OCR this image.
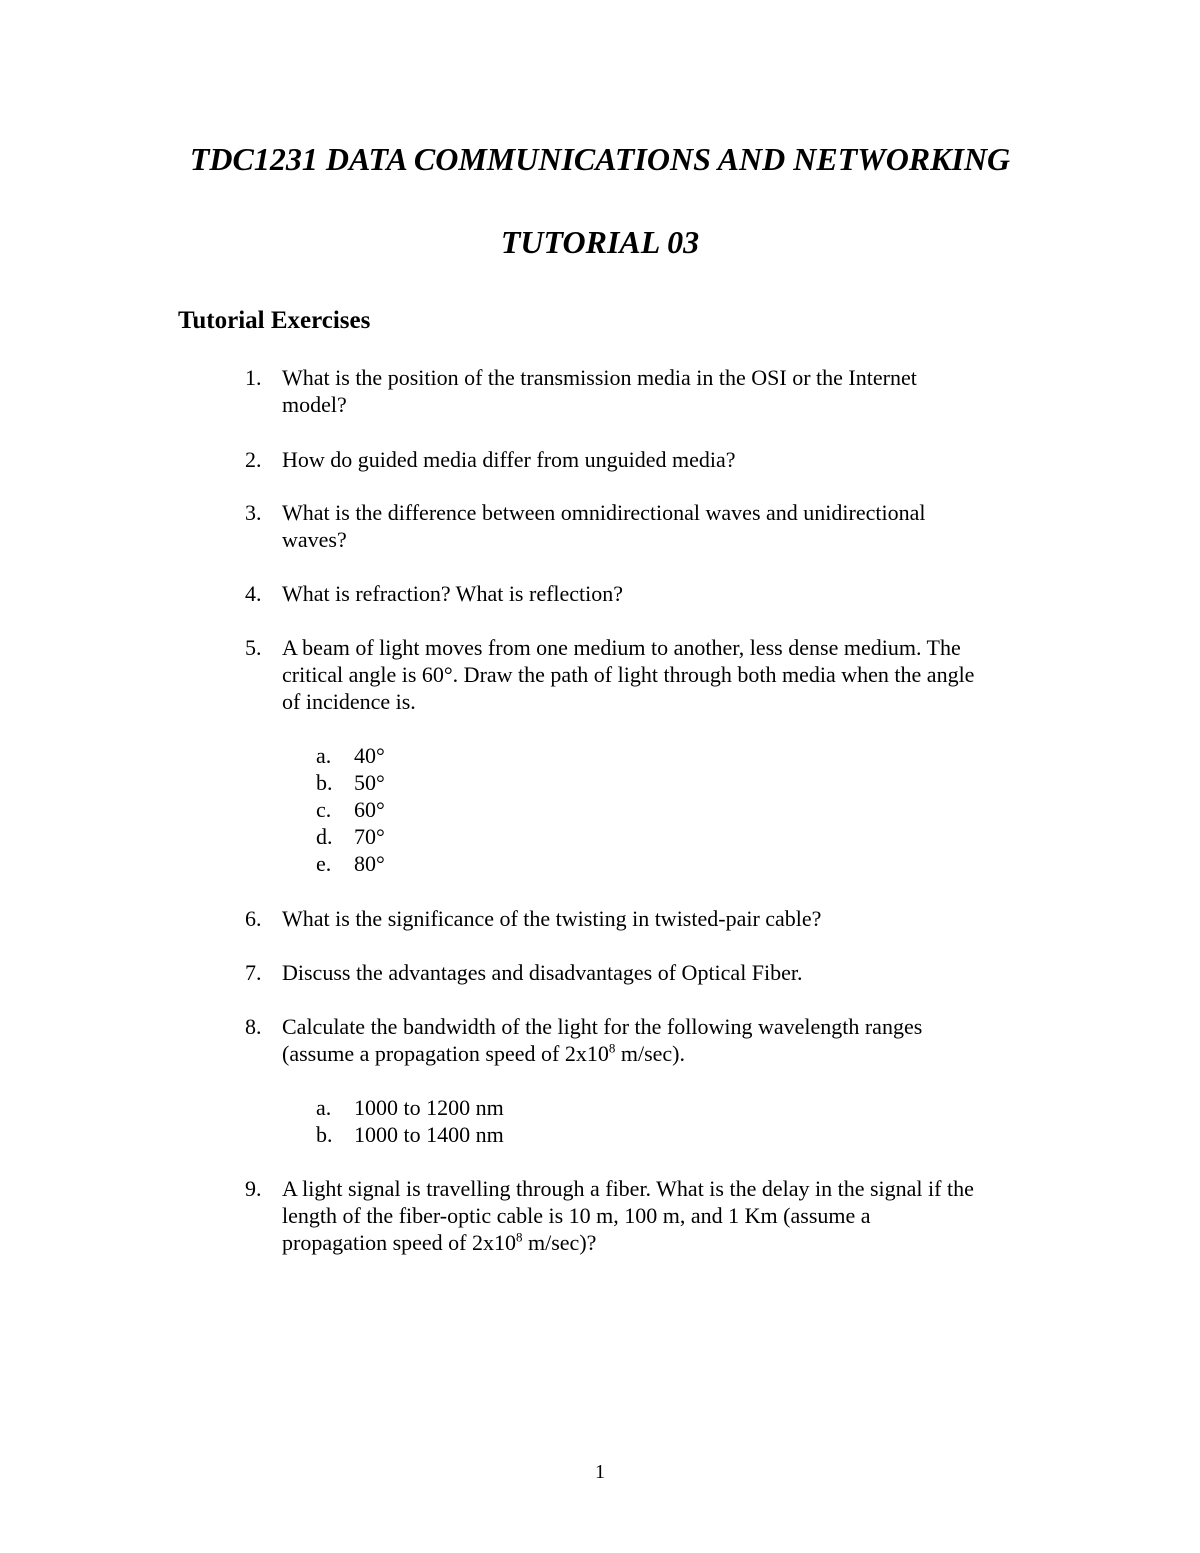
TDC1231 DATA COMMUNICATIONS AND NETWORKING
TUTORIAL 03
Tutorial Exercises
1. What is the position of the transmission media in the OSI or the Internet
model?
2. How do guided media differ from unguided media?
3. What is the difference between omnidirectional waves and unidirectional
waves?
4. What is refraction? What is reflection?
5. A beam of light moves from one medium to another, less dense medium. The
critical angle is 60°. Draw the path of light through both media when the angle
of incidence is.
a.	40°
b. 50°
c.	60°
d. 70°
e.	80°
6. What is the significance of the twisting in twisted-pair cable?
7. Discuss the advantages and disadvantages of Optical Fiber.
8. Calculate the bandwidth of the light for the following wavelength ranges
(assume a propagation speed of $2x10^8$ m/sec).
a.	1000 to 1200 nm
b. 1000 to 1400 nm
9. A light signal is travelling through a fiber. What is the delay in the signal if the
length of the fiber-optic cable is 10 m, 100 m, and 1 Km (assume a
propagation speed of $2x10^8$ m/sec)?
1
